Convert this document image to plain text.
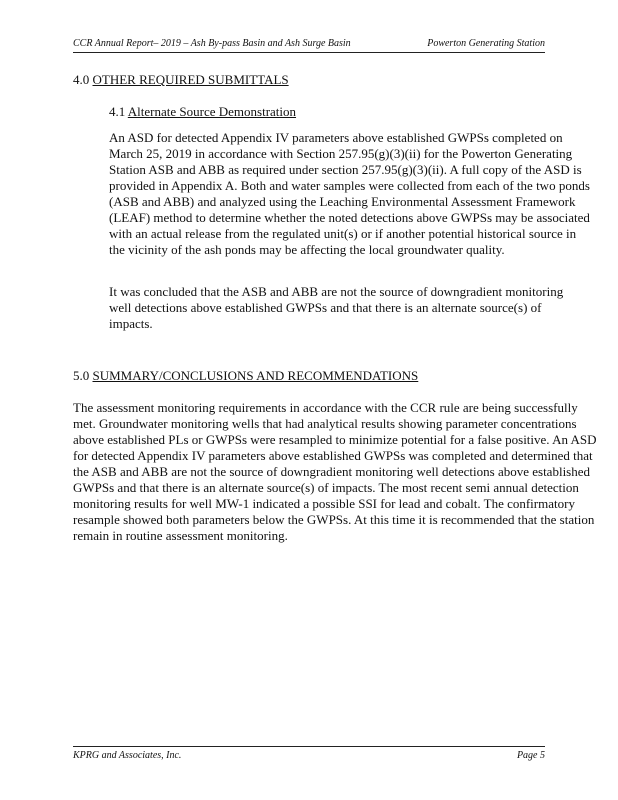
CCR Annual Report– 2019 – Ash By-pass Basin and Ash Surge Basin	Powerton Generating Station
4.0 OTHER REQUIRED SUBMITTALS
4.1 Alternate Source Demonstration

An ASD for detected Appendix IV parameters above established GWPSs completed on March 25, 2019 in accordance with Section 257.95(g)(3)(ii) for the Powerton Generating Station ASB and ABB as required under section 257.95(g)(3)(ii). A full copy of the ASD is provided in Appendix A. Both and water samples were collected from each of the two ponds (ASB and ABB) and analyzed using the Leaching Environmental Assessment Framework (LEAF) method to determine whether the noted detections above GWPSs may be associated with an actual release from the regulated unit(s) or if another potential historical source in the vicinity of the ash ponds may be affecting the local groundwater quality.

It was concluded that the ASB and ABB are not the source of downgradient monitoring well detections above established GWPSs and that there is an alternate source(s) of impacts.

5.0 SUMMARY/CONCLUSIONS AND RECOMMENDATIONS

The assessment monitoring requirements in accordance with the CCR rule are being successfully met. Groundwater monitoring wells that had analytical results showing parameter concentrations above established PLs or GWPSs were resampled to minimize potential for a false positive. An ASD for detected Appendix IV parameters above established GWPSs was completed and determined that the ASB and ABB are not the source of downgradient monitoring well detections above established GWPSs and that there is an alternate source(s) of impacts. The most recent semi annual detection monitoring results for well MW-1 indicated a possible SSI for lead and cobalt. The confirmatory resample showed both parameters below the GWPSs. At this time it is recommended that the station remain in routine assessment monitoring.

KPRG and Associates, Inc.	Page 5
